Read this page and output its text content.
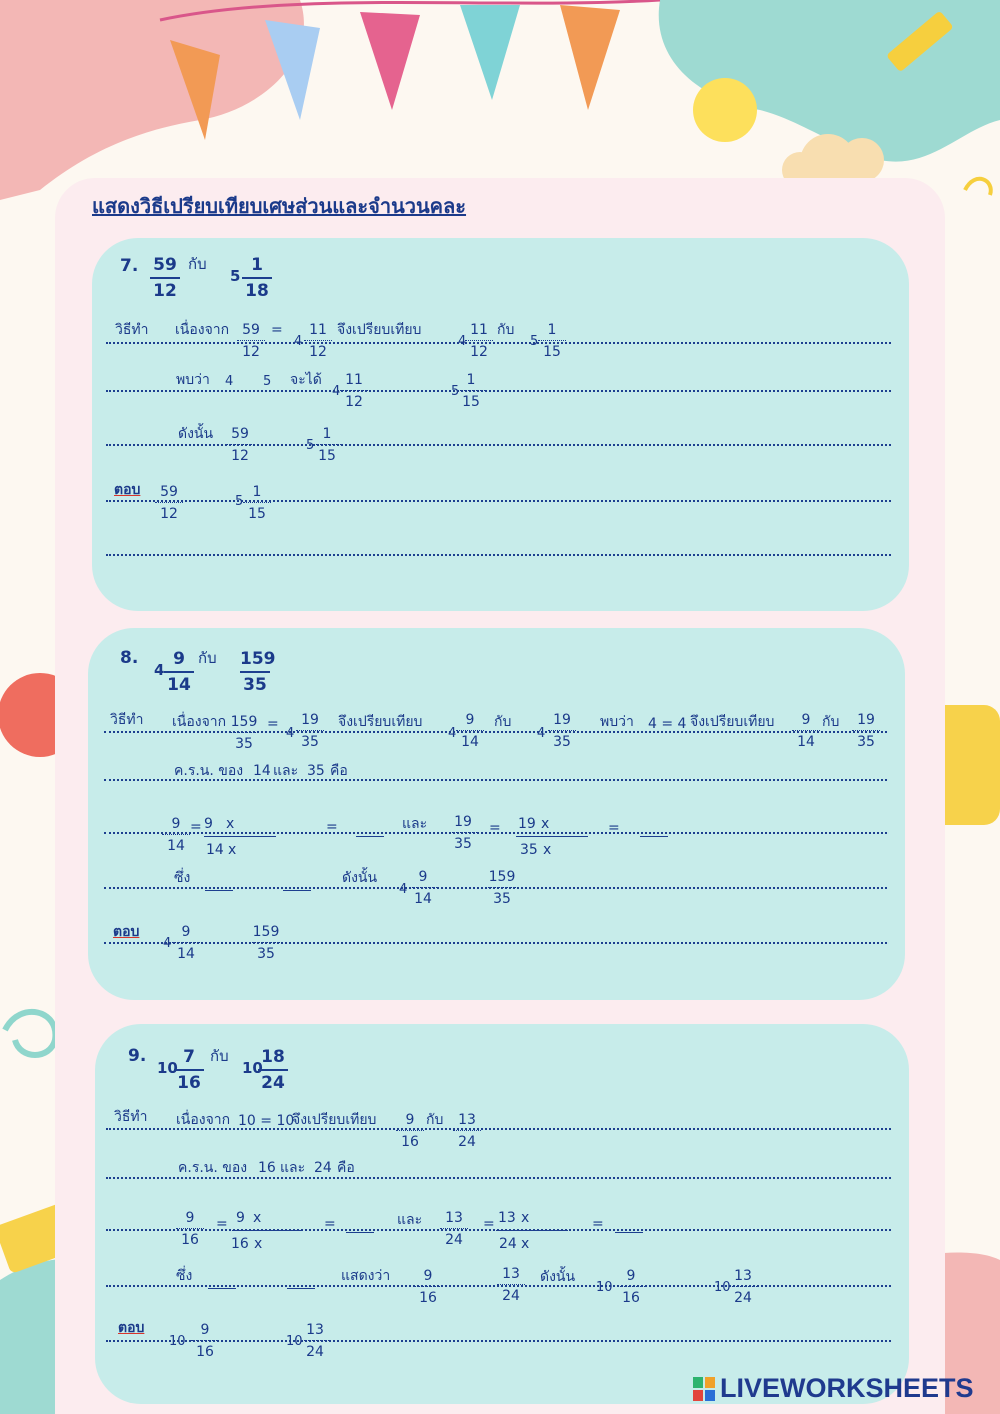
แสดงวิธีเปรียบเทียบเศษส่วนและจำนวนคละ
7. 59
12
กับ
5
1
18
วิธีทำ เนื่องจาก 59
12
=
4
11
12
จึงเปรียบเทียบ
4
11
12
กับ
5
1
15
พบว่า 4 5 จะได้
4
11
12
5
1
15
ดังนั้น	59
12
5
1
15
ตอบ	59
12
5
1
15
8.
4
9
14
กับ 159
35
วิธีทำ เนื่องจาก 159
35
=
4
19
35
จึงเปรียบเทียบ
4
9
14
กับ
4
19
35
พบว่า 4 = 4 จึงเปรียบเทียบ	9
14
กับ	19
35
ค.ร.น. ของ 14 และ 35 คือ
9
14
= 9 x
14 x
=	และ	19
35
= 19 x
35 x
=
ซึ่ง	ดังนั้น
4
9
14
159
35
ตอบ
4
9
14
159
35
9.
10
7
16
กับ
10
18
24
วิธีทำ เนื่องจาก 10 = 10
จึงเปรียบเทียบ	9
16
กับ	13
24
ค.ร.น. ของ 16 และ 24 คือ
9
16
= 9 x
16 x
=	และ	13
24
= 13 x
24 x
=
ซึ่ง	แสดงว่า	9
16
13
24
ดังนั้น
10
9
16
10
13
24
ตอบ
10
9
16
10
13
24
LIVEWORKSHEETS
